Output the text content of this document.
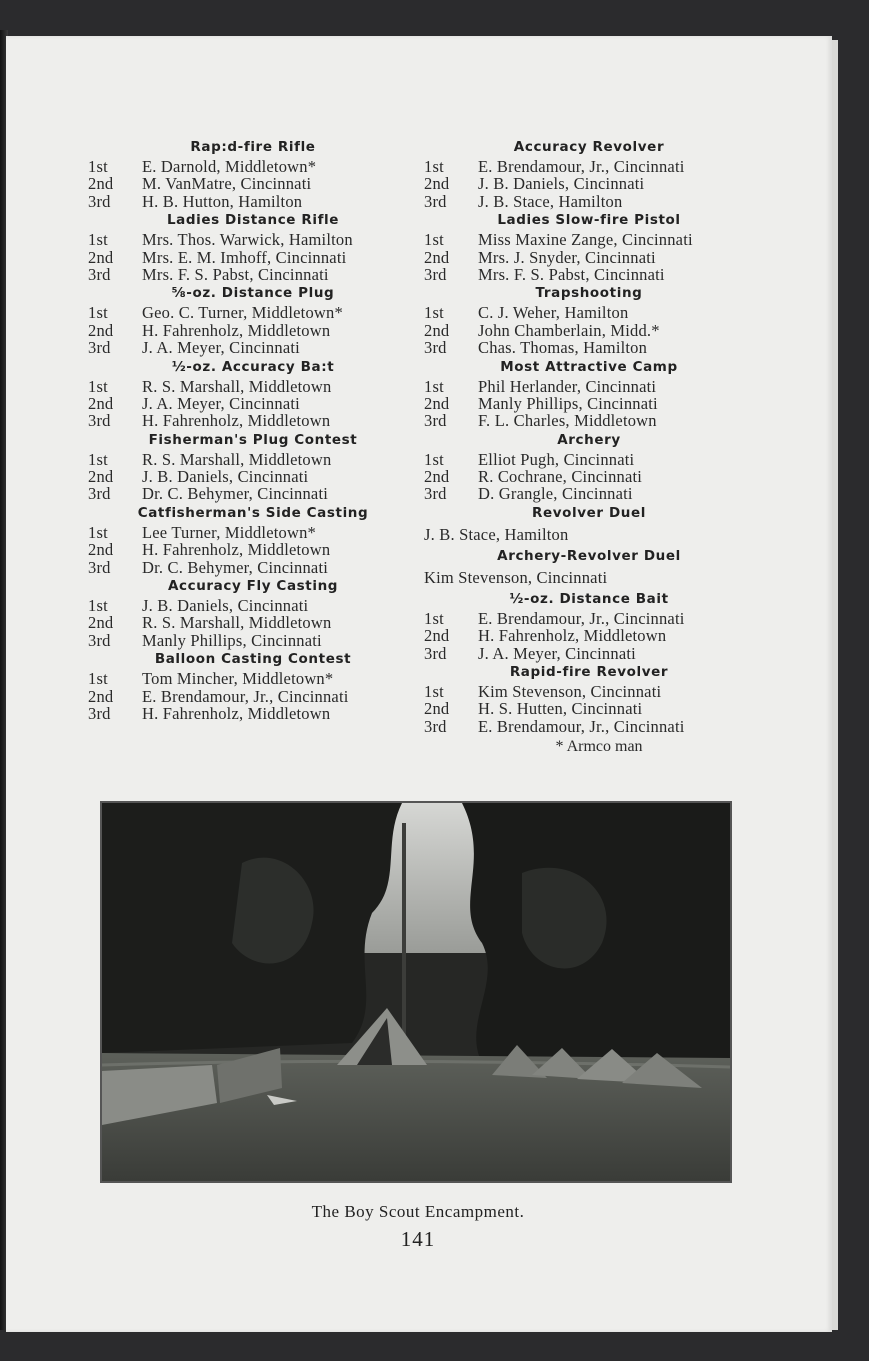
Rap:d-fire Rifle
1st	E. Darnold, Middletown*
2nd	M. VanMatre, Cincinnati
3rd	H. B. Hutton, Hamilton
Ladies Distance Rifle
1st	Mrs. Thos. Warwick, Hamilton
2nd	Mrs. E. M. Imhoff, Cincinnati
3rd	Mrs. F. S. Pabst, Cincinnati
⅝-oz. Distance Plug
1st	Geo. C. Turner, Middletown*
2nd	H. Fahrenholz, Middletown
3rd	J. A. Meyer, Cincinnati
½-oz. Accuracy Ba:t
1st	R. S. Marshall, Middletown
2nd	J. A. Meyer, Cincinnati
3rd	H. Fahrenholz, Middletown
Fisherman's Plug Contest
1st	R. S. Marshall, Middletown
2nd	J. B. Daniels, Cincinnati
3rd	Dr. C. Behymer, Cincinnati
Catfisherman's Side Casting
1st	Lee Turner, Middletown*
2nd	H. Fahrenholz, Middletown
3rd	Dr. C. Behymer, Cincinnati
Accuracy Fly Casting
1st	J. B. Daniels, Cincinnati
2nd	R. S. Marshall, Middletown
3rd	Manly Phillips, Cincinnati
Balloon Casting Contest
1st	Tom Mincher, Middletown*
2nd	E. Brendamour, Jr., Cincinnati
3rd	H. Fahrenholz, Middletown
Accuracy Revolver
1st	E. Brendamour, Jr., Cincinnati
2nd	J. B. Daniels, Cincinnati
3rd	J. B. Stace, Hamilton
Ladies Slow-fire Pistol
1st	Miss Maxine Zange, Cincinnati
2nd	Mrs. J. Snyder, Cincinnati
3rd	Mrs. F. S. Pabst, Cincinnati
Trapshooting
1st	C. J. Weher, Hamilton
2nd	John Chamberlain, Midd.*
3rd	Chas. Thomas, Hamilton
Most Attractive Camp
1st	Phil Herlander, Cincinnati
2nd	Manly Phillips, Cincinnati
3rd	F. L. Charles, Middletown
Archery
1st	Elliot Pugh, Cincinnati
2nd	R. Cochrane, Cincinnati
3rd	D. Grangle, Cincinnati
Revolver Duel
J. B. Stace, Hamilton
Archery-Revolver Duel
Kim Stevenson, Cincinnati
½-oz. Distance Bait
1st	E. Brendamour, Jr., Cincinnati
2nd	H. Fahrenholz, Middletown
3rd	J. A. Meyer, Cincinnati
Rapid-fire Revolver
1st	Kim Stevenson, Cincinnati
2nd	H. S. Hutten, Cincinnati
3rd	E. Brendamour, Jr., Cincinnati
* Armco man
The Boy Scout Encampment.
141
